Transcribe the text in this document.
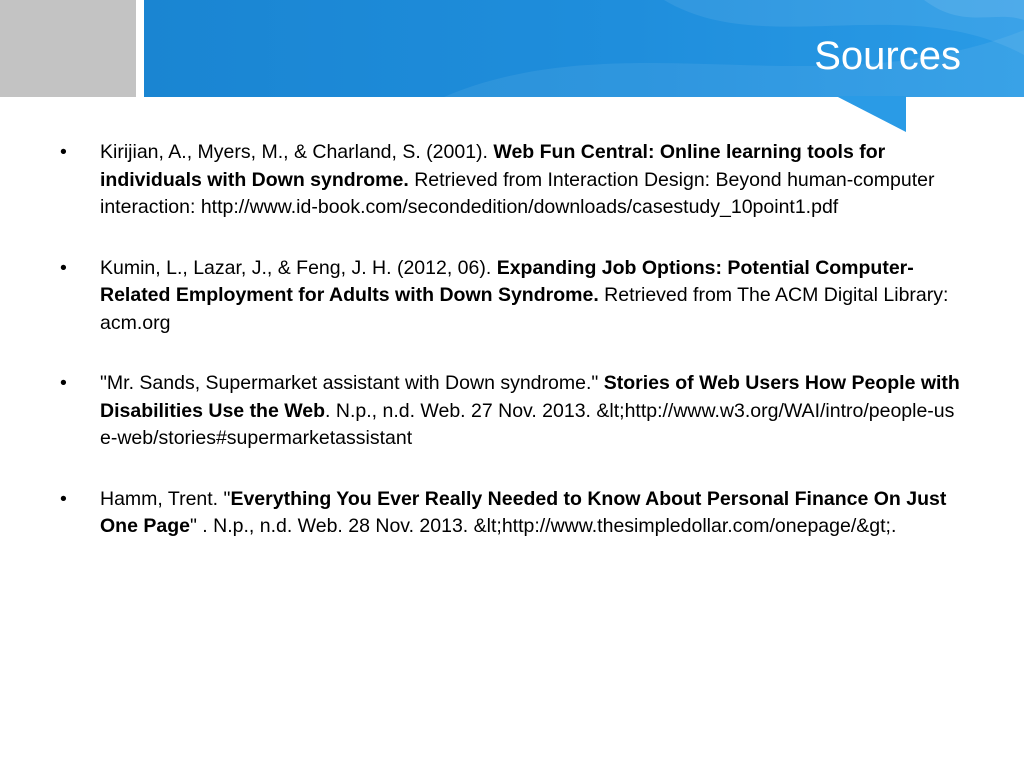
Sources
•	Kirijian, A., Myers, M., & Charland, S. (2001). Web Fun Central: Online learning tools for individuals with Down syndrome. Retrieved from Interaction Design: Beyond human-computer interaction: http://www.id-book.com/secondedition/downloads/casestudy_10point1.pdf
•	Kumin, L., Lazar, J., & Feng, J. H. (2012, 06). Expanding Job Options: Potential Computer-Related Employment for Adults with Down Syndrome. Retrieved from The ACM Digital Library: acm.org
•	"Mr. Sands, Supermarket assistant with Down syndrome." Stories of Web Users How People with Disabilities Use the Web. N.p., n.d. Web. 27 Nov. 2013. &lt;http://www.w3.org/WAI/intro/people-use-web/stories#supermarketassistant
•	Hamm, Trent. "Everything You Ever Really Needed to Know About Personal Finance On Just One Page" . N.p., n.d. Web. 28 Nov. 2013. &lt;http://www.thesimpledollar.com/onepage/&gt;.
